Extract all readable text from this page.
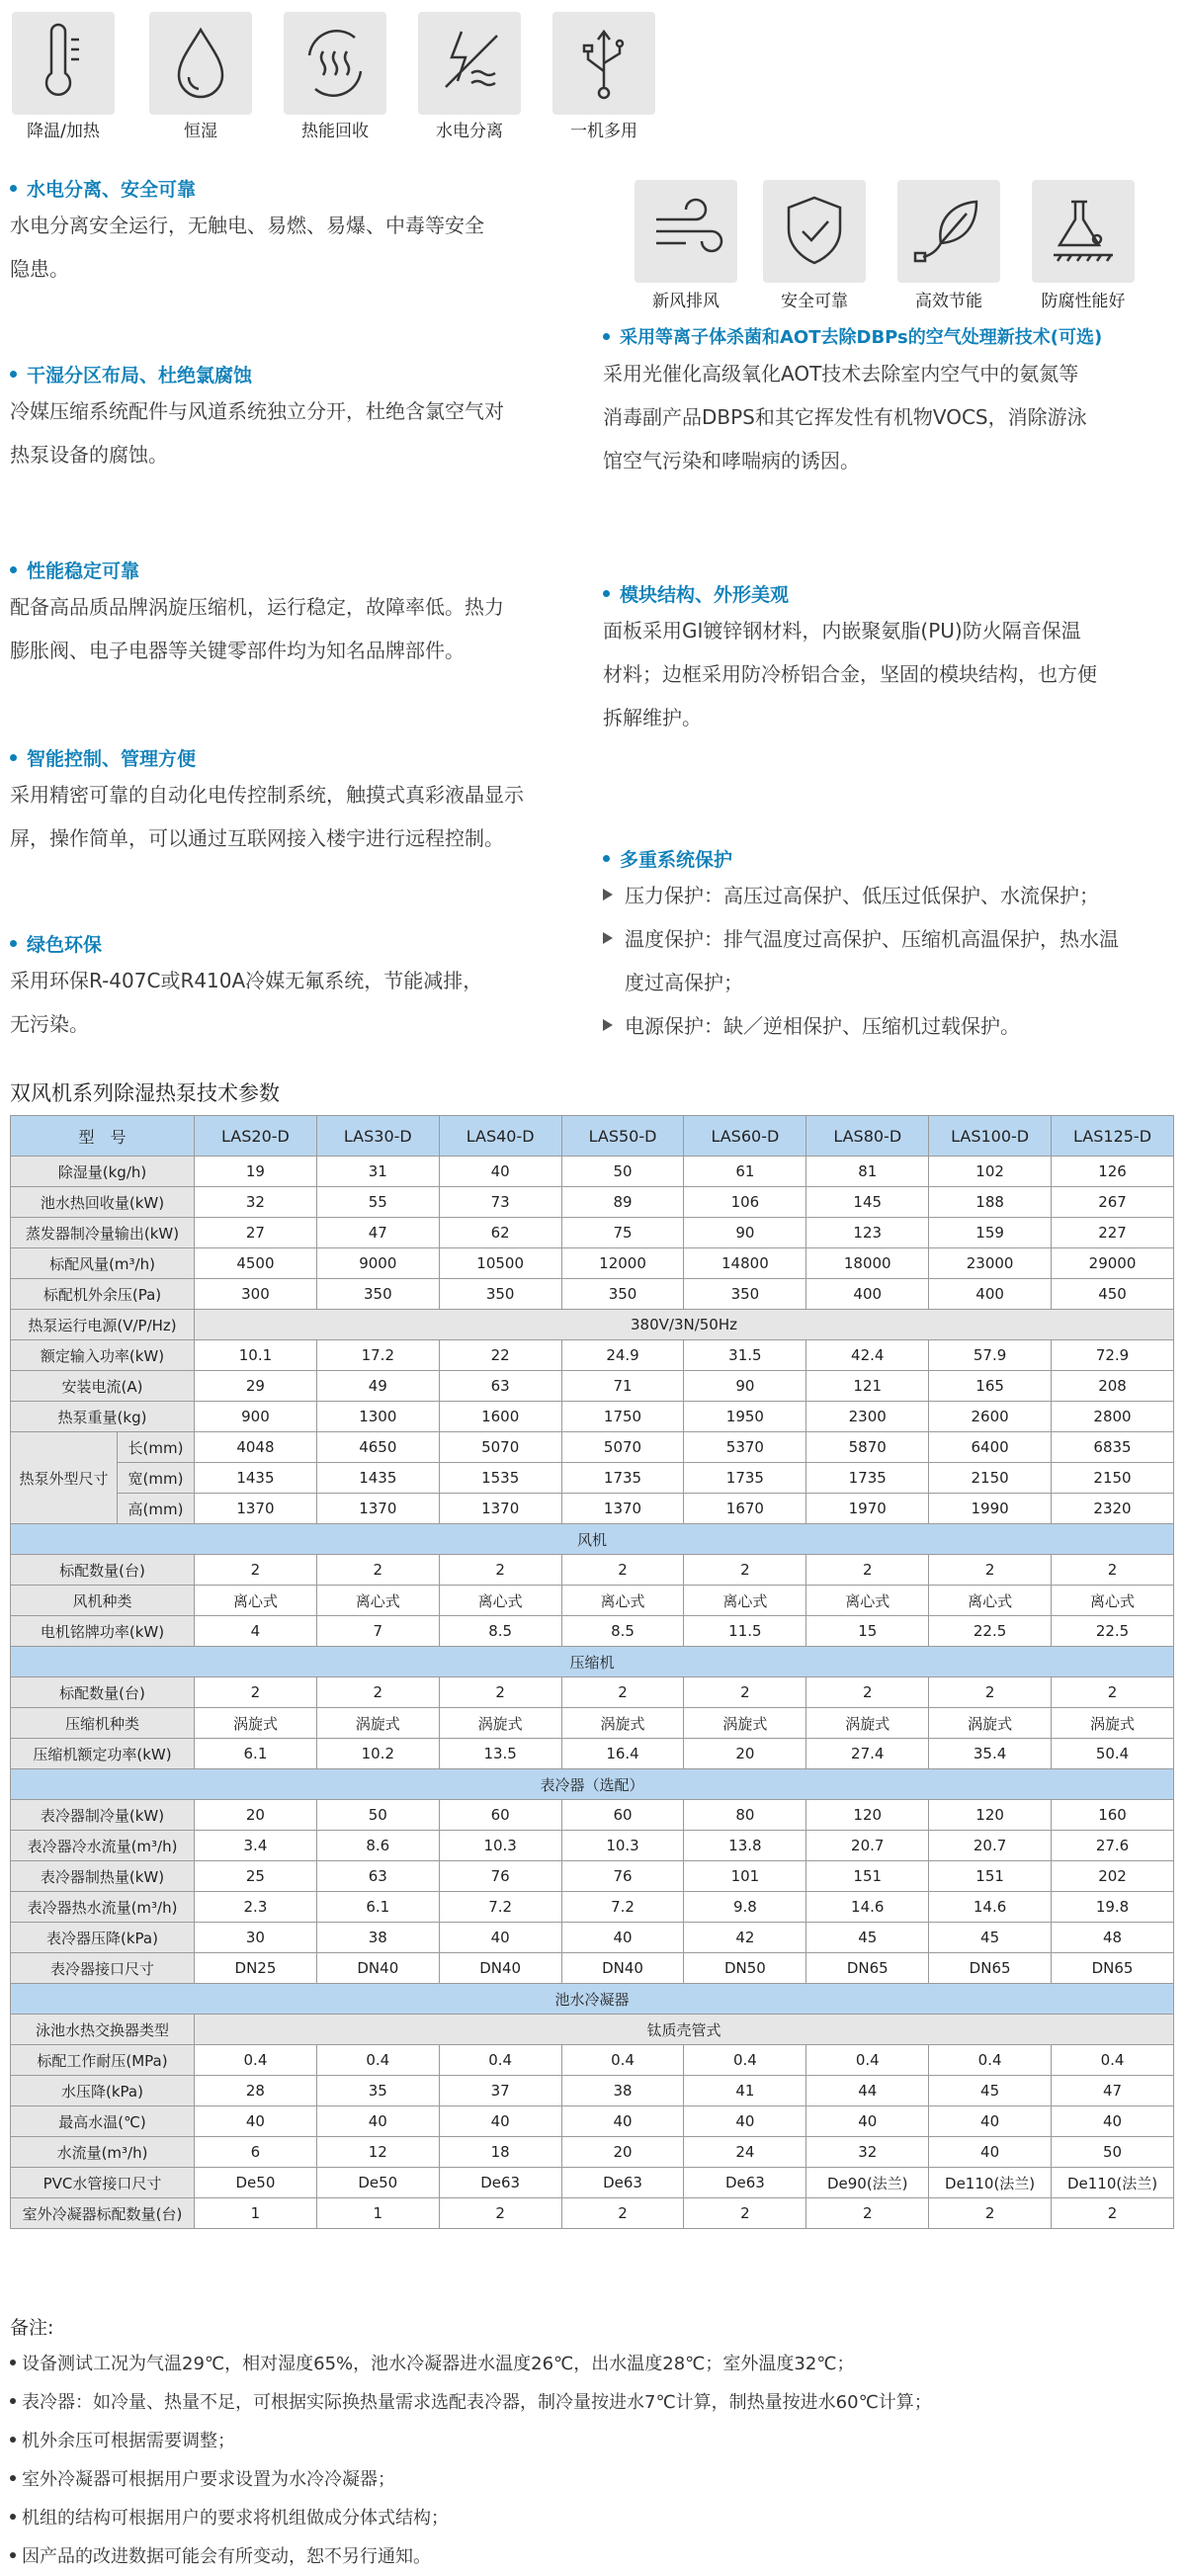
降温/加热	恒湿	热能回收	水电分离	一机多用
新风排风	安全可靠	高效节能	防腐性能好
水电分离、安全可靠
水电分离安全运行，无触电、易燃、易爆、中毒等安全
隐患。
干湿分区布局、杜绝氯腐蚀
冷媒压缩系统配件与风道系统独立分开，杜绝含氯空气对
热泵设备的腐蚀。
性能稳定可靠
配备高品质品牌涡旋压缩机，运行稳定，故障率低。热力
膨胀阀、电子电器等关键零部件均为知名品牌部件。
智能控制、管理方便
采用精密可靠的自动化电传控制系统，触摸式真彩液晶显示
屏，操作简单，可以通过互联网接入楼宇进行远程控制。
绿色环保
采用环保R-407C或R410A冷媒无氟系统，节能减排，
无污染。
采用等离子体杀菌和AOT去除DBPs的空气处理新技术(可选)
采用光催化高级氧化AOT技术去除室内空气中的氨氮等
消毒副产品DBPS和其它挥发性有机物VOCS，消除游泳
馆空气污染和哮喘病的诱因。
模块结构、外形美观
面板采用GI镀锌钢材料，内嵌聚氨脂(PU)防火隔音保温
材料；边框采用防冷桥铝合金，坚固的模块结构，也方便
拆解维护。
多重系统保护
压力保护：高压过高保护、低压过低保护、水流保护；
温度保护：排气温度过高保护、压缩机高温保护，热水温
度过高保护；
电源保护：缺／逆相保护、压缩机过载保护。
双风机系列除湿热泵技术参数
型　号		LAS20-D	LAS30-D	LAS40-D	LAS50-D	LAS60-D	LAS80-D	LAS100-D	LAS125-D
除湿量(kg/h)		19	31	40	50	61	81	102	126
池水热回收量(kW)		32	55	73	89	106	145	188	267
蒸发器制冷量输出(kW)		27	47	62	75	90	123	159	227
标配风量(m³/h)		4500	9000	10500	12000	14800	18000	23000	29000
标配机外余压(Pa)		300	350	350	350	350	400	400	450
热泵运行电源(V/P/Hz)		380V/3N/50Hz							
额定输入功率(kW)		10.1	17.2	22	24.9	31.5	42.4	57.9	72.9
安装电流(A)		29	49	63	71	90	121	165	208
热泵重量(kg)		900	1300	1600	1750	1950	2300	2600	2800
热泵外型尺寸	长(mm)	4048	4650	5070	5070	5370	5870	6400	6835
	宽(mm)	1435	1435	1535	1735	1735	1735	2150	2150
	高(mm)	1370	1370	1370	1370	1670	1970	1990	2320
风机									
标配数量(台)		2	2	2	2	2	2	2	2
风机种类		离心式	离心式	离心式	离心式	离心式	离心式	离心式	离心式
电机铭牌功率(kW)		4	7	8.5	8.5	11.5	15	22.5	22.5
压缩机									
标配数量(台)		2	2	2	2	2	2	2	2
压缩机种类		涡旋式	涡旋式	涡旋式	涡旋式	涡旋式	涡旋式	涡旋式	涡旋式
压缩机额定功率(kW)		6.1	10.2	13.5	16.4	20	27.4	35.4	50.4
表冷器（选配）									
表冷器制冷量(kW)		20	50	60	60	80	120	120	160
表冷器冷水流量(m³/h)		3.4	8.6	10.3	10.3	13.8	20.7	20.7	27.6
表冷器制热量(kW)		25	63	76	76	101	151	151	202
表冷器热水流量(m³/h)		2.3	6.1	7.2	7.2	9.8	14.6	14.6	19.8
表冷器压降(kPa)		30	38	40	40	42	45	45	48
表冷器接口尺寸		DN25	DN40	DN40	DN40	DN50	DN65	DN65	DN65
池水冷凝器									
泳池水热交换器类型		钛质壳管式							
标配工作耐压(MPa)		0.4	0.4	0.4	0.4	0.4	0.4	0.4	0.4
水压降(kPa)		28	35	37	38	41	44	45	47
最高水温(℃)		40	40	40	40	40	40	40	40
水流量(m³/h)		6	12	18	20	24	32	40	50
PVC水管接口尺寸		De50	De50	De63	De63	De63	De90(法兰)	De110(法兰)	De110(法兰)
室外冷凝器标配数量(台)		1	1	2	2	2	2	2	2
备注:
设备测试工况为气温29℃，相对湿度65%，池水冷凝器进水温度26℃，出水温度28℃；室外温度32℃；
表冷器：如冷量、热量不足，可根据实际换热量需求选配表冷器，制冷量按进水7℃计算，制热量按进水60℃计算；
机外余压可根据需要调整；
室外冷凝器可根据用户要求设置为水冷冷凝器；
机组的结构可根据用户的要求将机组做成分体式结构；
因产品的改进数据可能会有所变动，恕不另行通知。
